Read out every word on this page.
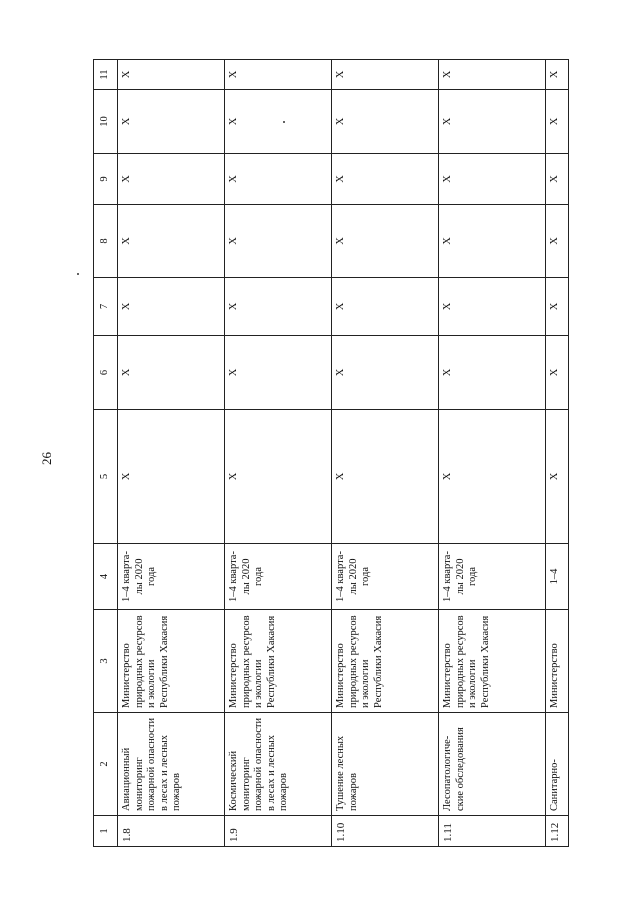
26
1	2	3	4	5	6	7	8	9	10	11
1.8	Авиационный мониторинг пожарной опасности в лесах и лесных пожаров	Министерство природных ресурсов и экологии Республики Хакасия	1–4 кварта-лы 2020 года	Х	Х	Х	Х	Х	Х	Х
1.9	Космический мониторинг пожарной опасности в лесах и лесных пожаров	Министерство природных ресурсов и экологии Республики Хакасия	1–4 кварта-лы 2020 года	Х	Х	Х	Х	Х	Х	Х
1.10	Тушение лесных пожаров	Министерство природных ресурсов и экологии Республики Хакасия	1–4 кварта-лы 2020 года	Х	Х	Х	Х	Х	Х	Х
1.11	Лесопатологиче-ские обследования	Министерство природных ресурсов и экологии Республики Хакасия	1–4 кварта-лы 2020 года	Х	Х	Х	Х	Х	Х	Х
1.12	Санитарно-	Министерство	1–4	Х	Х	Х	Х	Х	Х	Х
